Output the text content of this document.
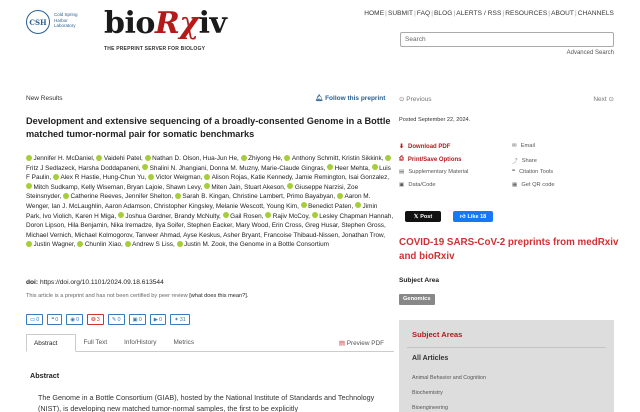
CSH
Cold Spring Harbor Laboratory bioRχiv
THE PREPRINT SERVER FOR BIOLOGY
HOME|SUBMIT|FAQ|BLOG|ALERTS / RSS|RESOURCES|ABOUT|CHANNELS
Search
Advanced Search
New Results	🔔︎ Follow this preprint ⊙ Previous	Next ⊙
Development and extensive sequencing of a broadly-consented Genome in a Bottle matched tumor-normal pair for somatic benchmarks
Jennifer H. McDaniel, Vaidehi Patel, Nathan D. Olson, Hua-Jun He, Zhiyong He, Anthony Schmitt, Kristin Sikkink, Fritz J Sedlazeck, Harsha Doddapaneni, Shalini N. Jhangiani, Donna M. Muzny, Marie-Claude Gingras, Heer Mehta, Luis F Paulin, Alex R Hastie, Hung-Chun Yu, Victor Weigman, Alison Rojas, Katie Kennedy, Jamie Remington, Isai Gonzalez, Mitch Sudkamp, Kelly Wiseman, Bryan Lajoie, Shawn Levy, Miten Jain, Stuart Akeson, Giuseppe Narzisi, Zoe Steinsnyder, Catherine Reeves, Jennifer Shelton, Sarah B. Kingan, Christine Lambert, Primo Bayabyan, Aaron M. Wenger, Ian J. McLaughlin, Aaron Adamson, Christopher Kingsley, Melanie Wescott, Young Kim, Benedict Paten, Jimin Park, Ivo Violich, Karen H Miga, Joshua Gardner, Brandy McNulty, Gail Rosen, Rajiv McCoy, Lesley Chapman Hannah, Doron Lipson, Hila Benjamin, Nika Iremadze, Ilya Soifer, Stephen Eacker, Mary Wood, Erin Cross, Greg Husar, Stephen Gross, Michael Vernich, Michael Kolmogorov, Tanveer Ahmad, Ayse Keskus, Asher Bryant, Francoise Thibaud-Nissen, Jonathan Trow, Justin Wagner, Chunlin Xiao, Andrew S Liss, Justin M. Zook, the Genome in a Bottle Consortium
doi: https://doi.org/10.1101/2024.09.18.613544
This article is a preprint and has not been certified by peer review [what does this mean?].
▭ 0 ❝ 0 ◉ 0 ❂ 3 ✎ 0 ▣ 0 ▶ 0 ✦ 31
Abstract	Full Text	Info/History	Metrics	▤ Preview PDF
Abstract
The Genome in a Bottle Consortium (GIAB), hosted by the National Institute of Standards and Technology (NIST), is developing new matched tumor-normal samples, the first to be explicitly
Posted September 22, 2024.
⬇ Download PDF	✉ Email
⎙ Print/Save Options	⤴ Share
▤ Supplementary Material	❝ Citation Tools
▣ Data/Code	▦ Get QR code
𝕏 Post	👍︎ Like 18
COVID-19 SARS-CoV-2 preprints from medRxiv and bioRxiv
Subject Area
Genomics
Subject Areas
All Articles
Animal Behavior and Cognition
Biochemistry
Bioengineering
